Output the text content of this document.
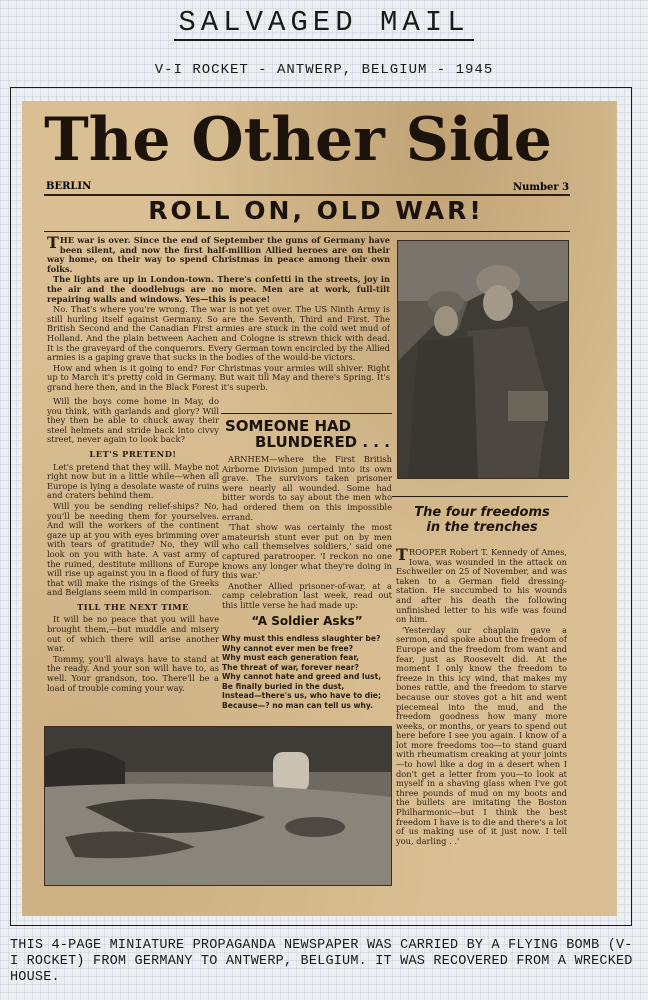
SALVAGED MAIL
V-I ROCKET - ANTWERP, BELGIUM - 1945
The Other Side
BERLIN	Number 3
ROLL ON, OLD WAR!

THE war is over. Since the end of September the guns of Germany have been silent, and now the first half-million Allied heroes are on their way home, on their way to spend Christmas in peace among their own folks.

The lights are up in London-town. There's confetti in the streets, joy in the air and the doodlebugs are no more. Men are at work, full-tilt repairing walls and windows. Yes—this is peace!

No. That's where you're wrong. The war is not yet over. The US Ninth Army is still hurling itself against Germany. So are the Seventh, Third and First. The British Second and the Canadian First armies are stuck in the cold wet mud of Holland. And the plain between Aachen and Cologne is strewn thick with dead. It is the graveyard of the conquerors. Every German town encircled by the Allied armies is a gaping grave that sucks in the bodies of the would-be victors.

How and when is it going to end? For Christmas your armies will shiver. Right up to March it's pretty cold in Germany. But wait till May and there's Spring. It's grand here then, and in the Black Forest it's superb.

Will the boys come home in May, do you think, with garlands and glory? Will they then be able to chuck away their steel helmets and stride back into civvy street, never again to look back?

LET'S PRETEND!

Let's pretend that they will. Maybe not right now but in a little while—when all Europe is lying a desolate waste of ruins and craters behind them.

Will you be sending relief-ships? No, you'll be needing them for yourselves. And will the workers of the continent gaze up at you with eyes brimming over with tears of gratitude? No, they will look on you with hate. A vast army of the ruined, destitute millions of Europe will rise up against you in a flood of fury that will make the risings of the Greeks and Belgians seem mild in comparison.

TILL THE NEXT TIME

It will be no peace that you will have brought them,—but muddle and misery out of which there will arise another war.

Tommy, you'll always have to stand at the ready. And your son will have to, as well. Your grandson, too. There'll be a load of trouble coming your way.

SOMEONE HAD
BLUNDERED . . .

ARNHEM—where the First British Airborne Division jumped into its own grave. The survivors taken prisoner were nearly all wounded. Some had bitter words to say about the men who had ordered them on this impossible errand.

'That show was certainly the most amateurish stunt ever put on by men who call themselves soldiers,' said one captured paratrooper. 'I reckon no one knows any longer what they're doing in this war.'

Another Allied prisoner-of-war, at a camp celebration last week, read out this little verse he had made up:

“A Soldier Asks”
Why must this endless slaughter be?
Why cannot ever men be free?
Why must each generation fear,
The threat of war, forever near?
Why cannot hate and greed and lust,
Be finally buried in the dust,
Instead—there's us, who have to die;
Because—? no man can tell us why.
The four freedoms
in the trenches

TROOPER Robert T. Kennedy of Ames, Iowa, was wounded in the attack on Eschweiler on 25 of November, and was taken to a German field dressing-station. He succumbed to his wounds and after his death the following unfinished letter to his wife was found on him.

'Yesterday our chaplain gave a sermon, and spoke about the freedom of Europe and the freedom from want and fear, just as Roosevelt did. At the moment I only know the freedom to freeze in this icy wind, that makes my bones rattle, and the freedom to starve because our stoves got a hit and went piecemeal into the mud, and the freedom goodness how many more weeks, or months, or years to spend out here before I see you again. I know of a lot more freedoms too—to stand guard with rheumatism creaking at your joints—to howl like a dog in a desert when I don't get a letter from you—to look at myself in a shaving glass when I've got three pounds of mud on my boots and the bullets are imitating the Boston Philharmonic—but I think the best freedom I have is to die and there's a lot of us making use of it just now. I tell you, darling . .'

THIS 4-PAGE MINIATURE PROPAGANDA NEWSPAPER WAS CARRIED BY A FLYING BOMB (V-I ROCKET) FROM GERMANY TO ANTWERP, BELGIUM. IT WAS RECOVERED FROM A WRECKED HOUSE.
